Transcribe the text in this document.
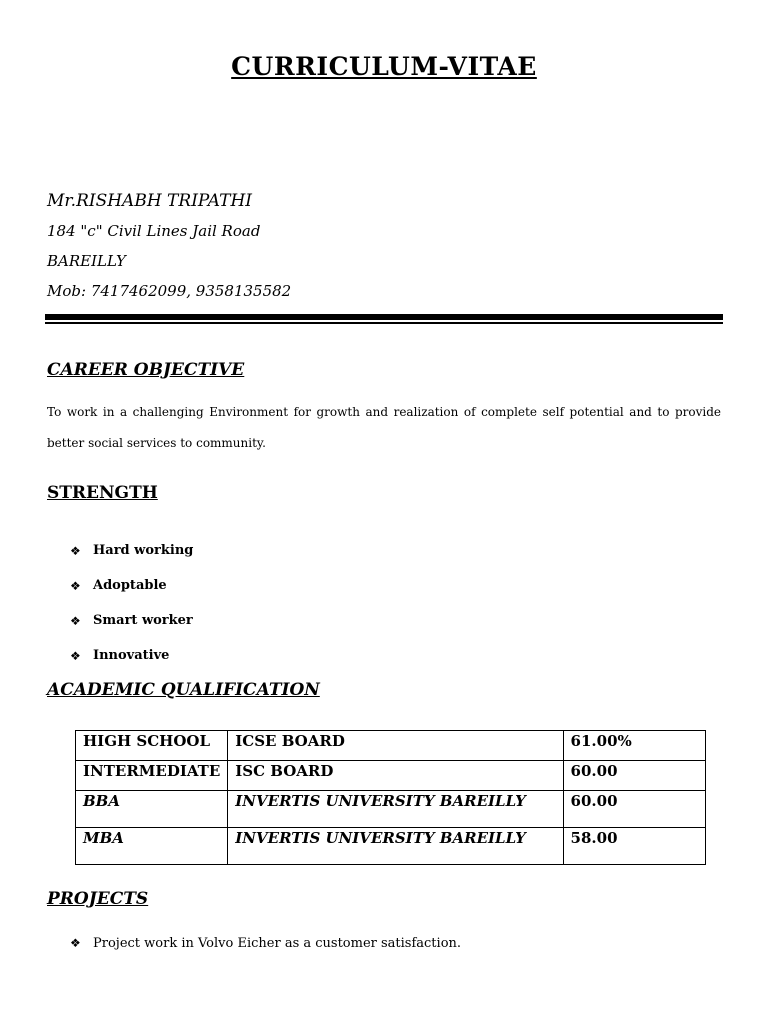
CURRICULUM-VITAE
Mr.RISHABH TRIPATHI
184 "c" Civil Lines Jail Road
BAREILLY
Mob: 7417462099, 9358135582
CAREER OBJECTIVE

To work in a challenging Environment for growth and realization of complete self potential and to provide better social services to community.

STRENGTH
❖ Hard working
❖ Adoptable
❖ Smart worker
❖ Innovative
ACADEMIC QUALIFICATION
HIGH SCHOOL	ICSE BOARD	61.00%
INTERMEDIATE	ISC BOARD	60.00
BBA	INVERTIS UNIVERSITY BAREILLY	60.00
MBA	INVERTIS UNIVERSITY BAREILLY	58.00
PROJECTS
❖ Project work in Volvo Eicher as a customer satisfaction.
